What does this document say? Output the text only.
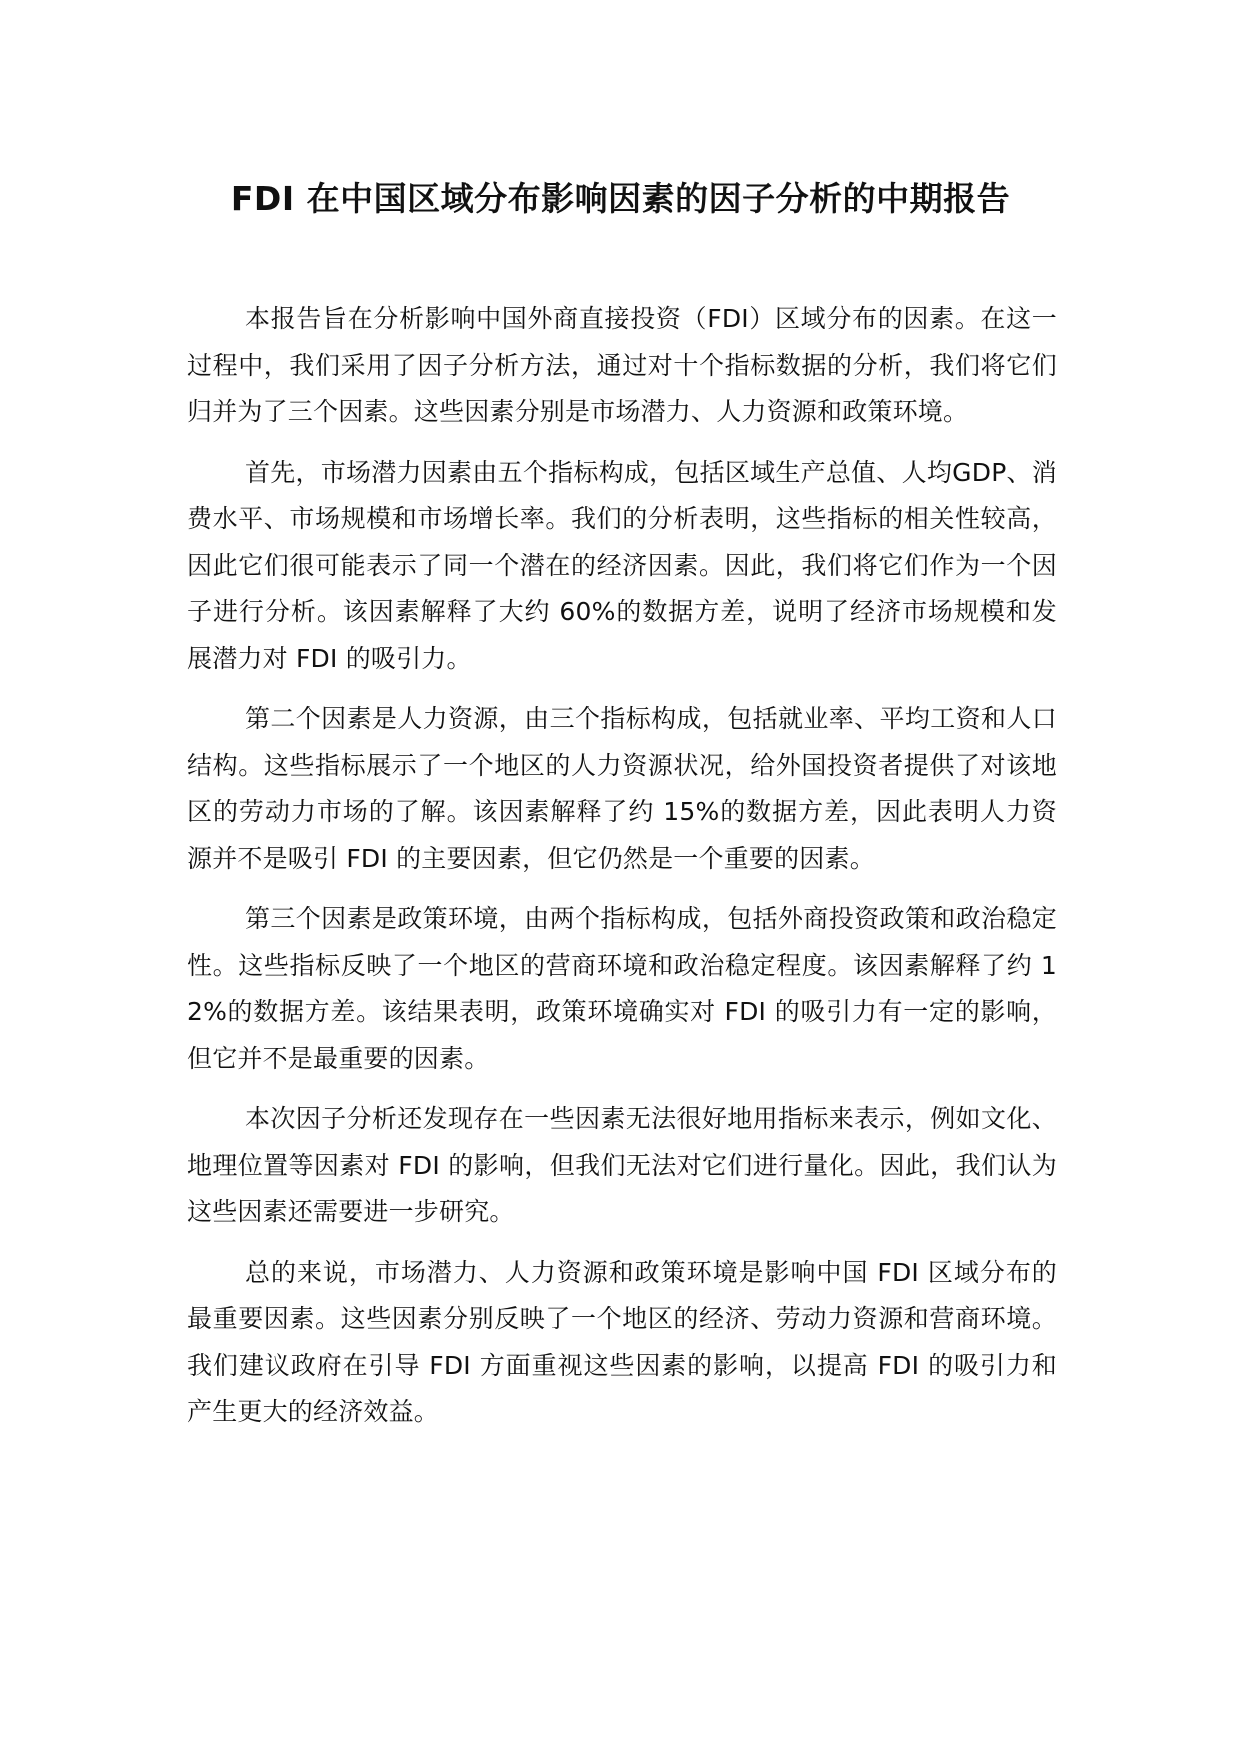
FDI 在中国区域分布影响因素的因子分析的中期报告

本报告旨在分析影响中国外商直接投资（FDI）区域分布的因素。在这一过程中，我们采用了因子分析方法，通过对十个指标数据的分析，我们将它们归并为了三个因素。这些因素分别是市场潜力、人力资源和政策环境。

首先，市场潜力因素由五个指标构成，包括区域生产总值、人均GDP、消费水平、市场规模和市场增长率。我们的分析表明，这些指标的相关性较高，因此它们很可能表示了同一个潜在的经济因素。因此，我们将它们作为一个因子进行分析。该因素解释了大约 60%的数据方差，说明了经济市场规模和发展潜力对 FDI 的吸引力。

第二个因素是人力资源，由三个指标构成，包括就业率、平均工资和人口结构。这些指标展示了一个地区的人力资源状况，给外国投资者提供了对该地区的劳动力市场的了解。该因素解释了约 15%的数据方差，因此表明人力资源并不是吸引 FDI 的主要因素，但它仍然是一个重要的因素。

第三个因素是政策环境，由两个指标构成，包括外商投资政策和政治稳定性。这些指标反映了一个地区的营商环境和政治稳定程度。该因素解释了约 12%的数据方差。该结果表明，政策环境确实对 FDI 的吸引力有一定的影响，但它并不是最重要的因素。

本次因子分析还发现存在一些因素无法很好地用指标来表示，例如文化、地理位置等因素对 FDI 的影响，但我们无法对它们进行量化。因此，我们认为这些因素还需要进一步研究。

总的来说，市场潜力、人力资源和政策环境是影响中国 FDI 区域分布的最重要因素。这些因素分别反映了一个地区的经济、劳动力资源和营商环境。我们建议政府在引导 FDI 方面重视这些因素的影响，以提高 FDI 的吸引力和产生更大的经济效益。
